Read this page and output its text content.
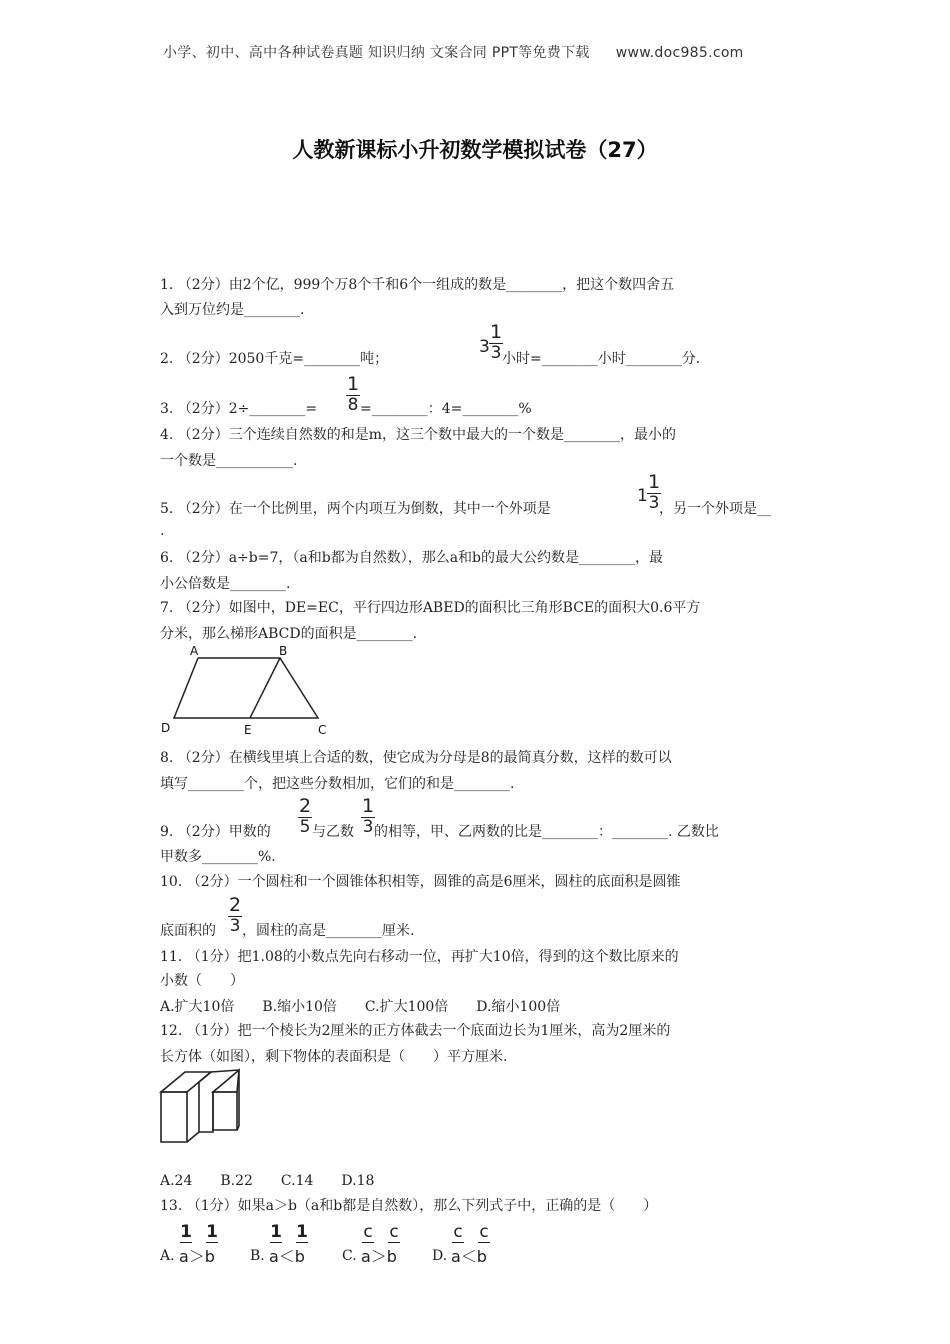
小学、初中、高中各种试卷真题 知识归纳 文案合同 PPT等免费下载 www.doc985.com
人教新课标小升初数学模拟试卷（27）
1. （2分）由2个亿，999个万8个千和6个一组成的数是________，把这个数四舍五
入到万位约是________.
2. （2分）2050千克=________吨；
$3 \frac{1}{3}$
小时=________小时________分.
3. （2分）2÷________= $\frac{1}{8}$ =________：4=________%
4. （2分）三个连续自然数的和是m，这三个数中最大的一个数是________，最小的
一个数是___________.
5. （2分）在一个比例里，两个内项互为倒数，其中一个外项是
$1 \frac{1}{3}$
，另一个外项是__
.
6. （2分）a÷b=7，（a和b都为自然数），那么a和b的最大公约数是________，最
小公倍数是________.
7. （2分）如图中，DE=EC，平行四边形ABED的面积比三角形BCE的面积大0.6平方
分米，那么梯形ABCD的面积是________.
A	B
C
D	E
8. （2分）在横线里填上合适的数，使它成为分母是8的最简真分数，这样的数可以
填写________个，把这些分数相加，它们的和是________.
9. （2分）甲数的 $\frac{2}{5}$ 与乙数 $\frac{1}{3}$
的相等，甲、乙两数的比是________：________. 乙数比
甲数多________%.
10. （2分）一个圆柱和一个圆锥体积相等，圆锥的高是6厘米，圆柱的底面积是圆锥
底面积的 $\frac{2}{3}$ ，圆柱的高是________厘米.
11. （1分）把1.08的小数点先向右移动一位，再扩大10倍，得到的这个数比原来的
小数（　　）
A.扩大10倍　　B.缩小10倍　　C.扩大100倍　　D.缩小100倍
12. （1分）把一个棱长为2厘米的正方体截去一个底面边长为1厘米，高为2厘米的
长方体（如图），剩下物体的表面积是（　　）平方厘米.
A.24　　B.22　　C.14　　D.18
13. （1分）如果a＞b（a和b都是自然数），那么下列式子中，正确的是（　　）
A.
1 1
a＞b	B.
1 1
a＜b	C.
c c
a＞b	D.
c c
a＜b
